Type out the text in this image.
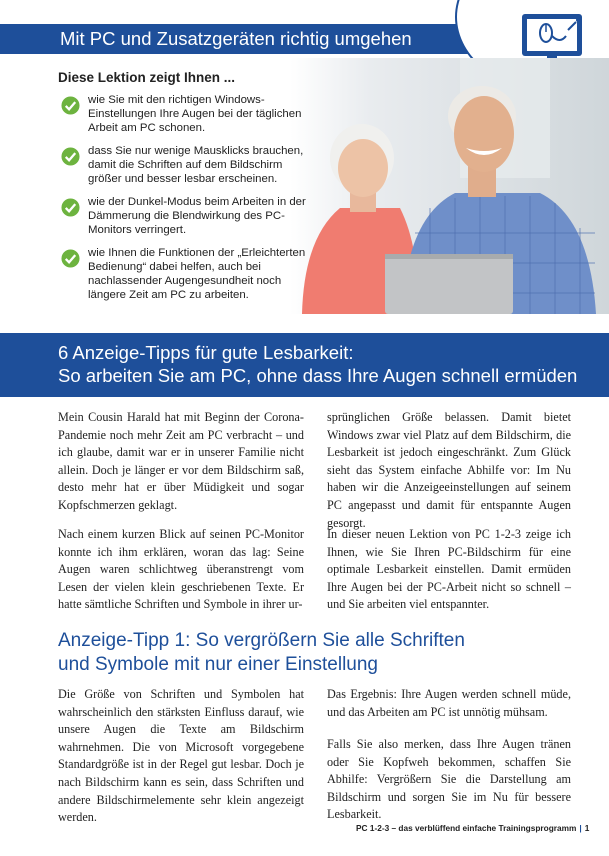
Mit PC und Zusatzgeräten richtig umgehen
Diese Lektion zeigt Ihnen ...
wie Sie mit den richtigen Windows-Einstellungen Ihre Augen bei der täglichen Arbeit am PC schonen.
dass Sie nur wenige Mausklicks brauchen, damit die Schriften auf dem Bildschirm größer und besser lesbar erscheinen.
wie der Dunkel-Modus beim Arbeiten in der Dämmerung die Blendwirkung des PC-Monitors verringert.
wie Ihnen die Funktionen der „Erleichterten Bedienung“ dabei helfen, auch bei nachlassender Augengesundheit noch längere Zeit am PC zu arbeiten.
6 Anzeige-Tipps für gute Lesbarkeit:
So arbeiten Sie am PC, ohne dass Ihre Augen schnell ermüden
Mein Cousin Harald hat mit Beginn der Corona-Pandemie noch mehr Zeit am PC verbracht – und ich glaube, damit war er in unserer Familie nicht allein. Doch je länger er vor dem Bildschirm saß, desto mehr hat er über Müdigkeit und sogar Kopfschmerzen geklagt.
Nach einem kurzen Blick auf seinen PC-Monitor konnte ich ihm erklären, woran das lag: Seine Augen waren schlichtweg überanstrengt vom Lesen der vielen klein geschriebenen Texte. Er hatte sämtliche Schriften und Symbole in ihrer ur-
sprünglichen Größe belassen. Damit bietet Windows zwar viel Platz auf dem Bildschirm, die Lesbarkeit ist jedoch eingeschränkt. Zum Glück sieht das System einfache Abhilfe vor: Im Nu haben wir die Anzeigeeinstellungen auf seinem PC angepasst und damit für entspannte Augen gesorgt.
In dieser neuen Lektion von PC 1-2-3 zeige ich Ihnen, wie Sie Ihren PC-Bildschirm für eine optimale Lesbarkeit einstellen. Damit ermüden Ihre Augen bei der PC-Arbeit nicht so schnell – und Sie arbeiten viel entspannter.
Anzeige-Tipp 1: So vergrößern Sie alle Schriften
und Symbole mit nur einer Einstellung
Die Größe von Schriften und Symbolen hat wahrscheinlich den stärksten Einfluss darauf, wie unsere Augen die Texte am Bildschirm wahrnehmen. Die von Microsoft vorgegebene Standardgröße ist in der Regel gut lesbar. Doch je nach Bildschirm kann es sein, dass Schriften und andere Bildschirmelemente sehr klein angezeigt werden.
Das Ergebnis: Ihre Augen werden schnell müde, und das Arbeiten am PC ist unnötig mühsam.
Falls Sie also merken, dass Ihre Augen tränen oder Sie Kopfweh bekommen, schaffen Sie Abhilfe: Vergrößern Sie die Darstellung am Bildschirm und sorgen Sie im Nu für bessere Lesbarkeit.
PC 1-2-3 – das verblüffend einfache Trainingsprogramm | 1
